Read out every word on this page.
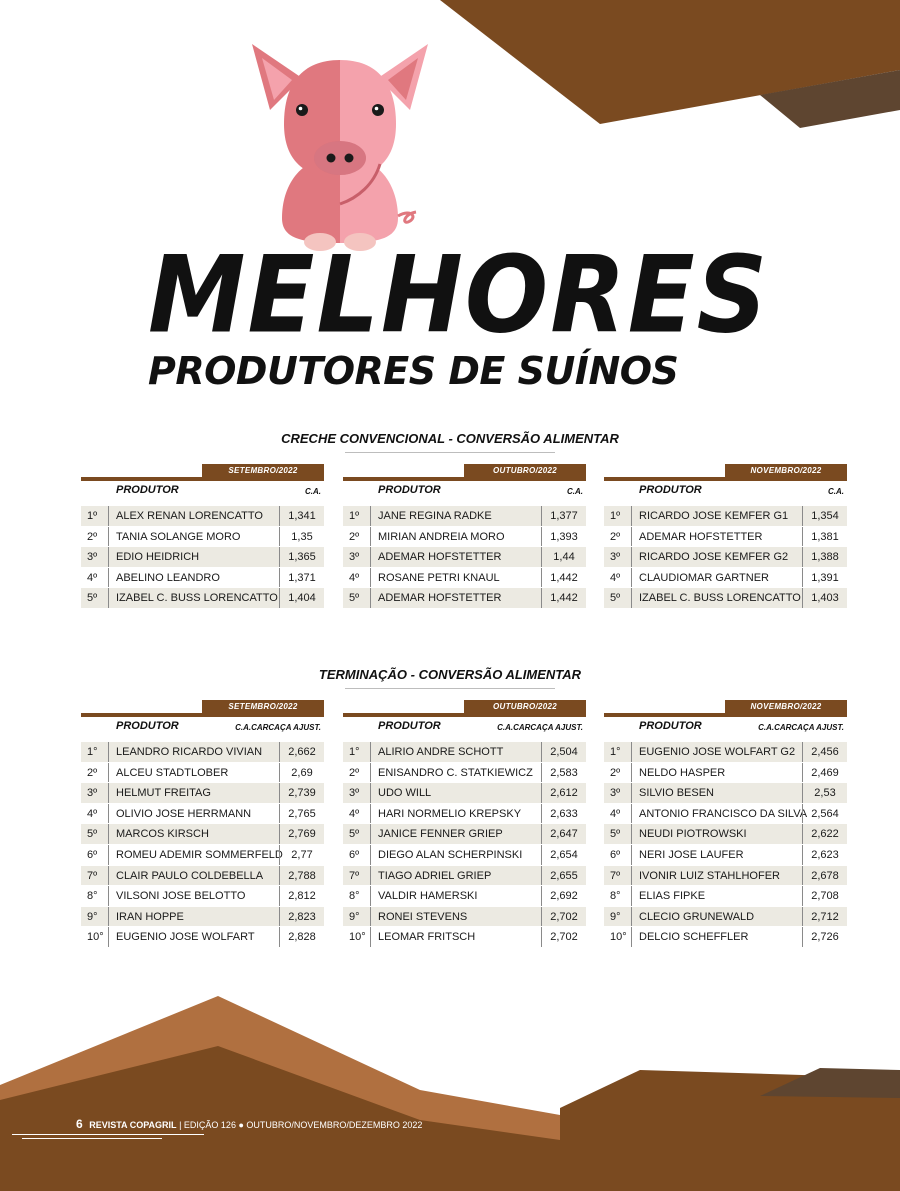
MELHORES
PRODUTORES DE SUÍNOS
CRECHE CONVENCIONAL - CONVERSÃO ALIMENTAR
TERMINAÇÃO - CONVERSÃO ALIMENTAR
SETEMBRO/2022
PRODUTOR	C.A.
1º	ALEX RENAN LORENCATTO	1,341
2º	TANIA SOLANGE MORO	1,35
3º	EDIO HEIDRICH	1,365
4º	ABELINO LEANDRO	1,371
5º	IZABEL C. BUSS LORENCATTO 1,404
OUTUBRO/2022
PRODUTOR	C.A.
1º	JANE REGINA RADKE	1,377
2º	MIRIAN ANDREIA MORO	1,393
3º	ADEMAR HOFSTETTER	1,44
4º	ROSANE PETRI KNAUL	1,442
5º	ADEMAR HOFSTETTER	1,442
NOVEMBRO/2022
PRODUTOR	C.A.
1º	RICARDO JOSE KEMFER G1	1,354
2º	ADEMAR HOFSTETTER	1,381
3º	RICARDO JOSE KEMFER G2	1,388
4º	CLAUDIOMAR GARTNER	1,391
5º	IZABEL C. BUSS LORENCATTO 1,403
SETEMBRO/2022
PRODUTOR	C.A.CARCAÇA AJUST.
1°	LEANDRO RICARDO VIVIAN	2,662
2º	ALCEU STADTLOBER	2,69
3º	HELMUT FREITAG	2,739
4º	OLIVIO JOSE HERRMANN	2,765
5º	MARCOS KIRSCH	2,769
6º	ROMEU ADEMIR SOMMERFELD 2,77
7º	CLAIR PAULO COLDEBELLA	2,788
8°	VILSONI JOSE BELOTTO	2,812
9°	IRAN HOPPE	2,823
10°	EUGENIO JOSE WOLFART	2,828
OUTUBRO/2022
PRODUTOR	C.A.CARCAÇA AJUST.
1°	ALIRIO ANDRE SCHOTT	2,504
2º	ENISANDRO C. STATKIEWICZ	2,583
3º	UDO WILL	2,612
4º	HARI NORMELIO KREPSKY	2,633
5º	JANICE FENNER GRIEP	2,647
6º	DIEGO ALAN SCHERPINSKI	2,654
7º	TIAGO ADRIEL GRIEP	2,655
8°	VALDIR HAMERSKI	2,692
9°	RONEI STEVENS	2,702
10°	LEOMAR FRITSCH	2,702
NOVEMBRO/2022
PRODUTOR	C.A.CARCAÇA AJUST.
1°	EUGENIO JOSE WOLFART G2	2,456
2º	NELDO HASPER	2,469
3º	SILVIO BESEN	2,53
4º	ANTONIO FRANCISCO DA SILVA 2,564
5º	NEUDI PIOTROWSKI	2,622
6º	NERI JOSE LAUFER	2,623
7º	IVONIR LUIZ STAHLHOFER	2,678
8°	ELIAS FIPKE	2,708
9°	CLECIO GRUNEWALD	2,712
10°	DELCIO SCHEFFLER	2,726
6 REVISTA COPAGRIL | EDIÇÃO 126 ● OUTUBRO/NOVEMBRO/DEZEMBRO 2022
